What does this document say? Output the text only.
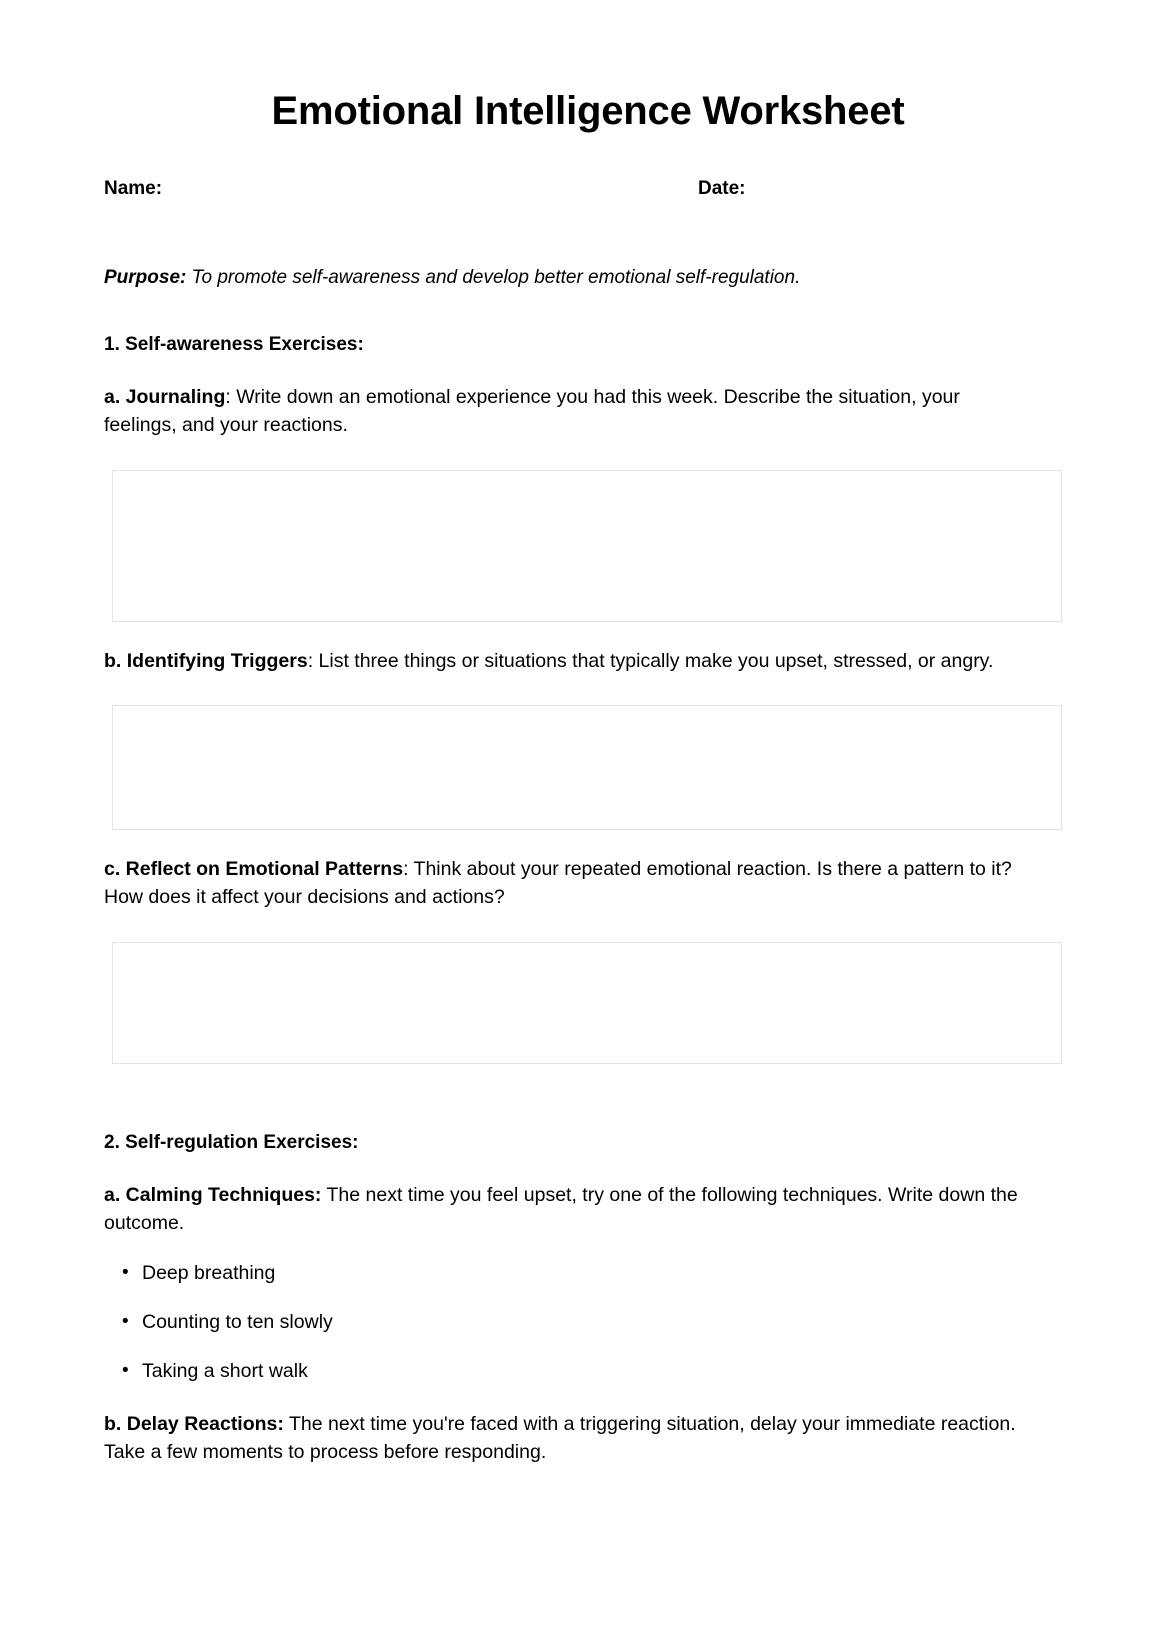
Emotional Intelligence Worksheet
Name:	Date:

Purpose: To promote self-awareness and develop better emotional self-regulation.

1. Self-awareness Exercises:

a. Journaling: Write down an emotional experience you had this week. Describe the situation, your feelings, and your reactions.

b. Identifying Triggers: List three things or situations that typically make you upset, stressed, or angry.

c. Reflect on Emotional Patterns: Think about your repeated emotional reaction. Is there a pattern to it? How does it affect your decisions and actions?

2. Self-regulation Exercises:

a. Calming Techniques: The next time you feel upset, try one of the following techniques. Write down the outcome.

• Deep breathing
• Counting to ten slowly
• Taking a short walk

b. Delay Reactions: The next time you're faced with a triggering situation, delay your immediate reaction. Take a few moments to process before responding.
